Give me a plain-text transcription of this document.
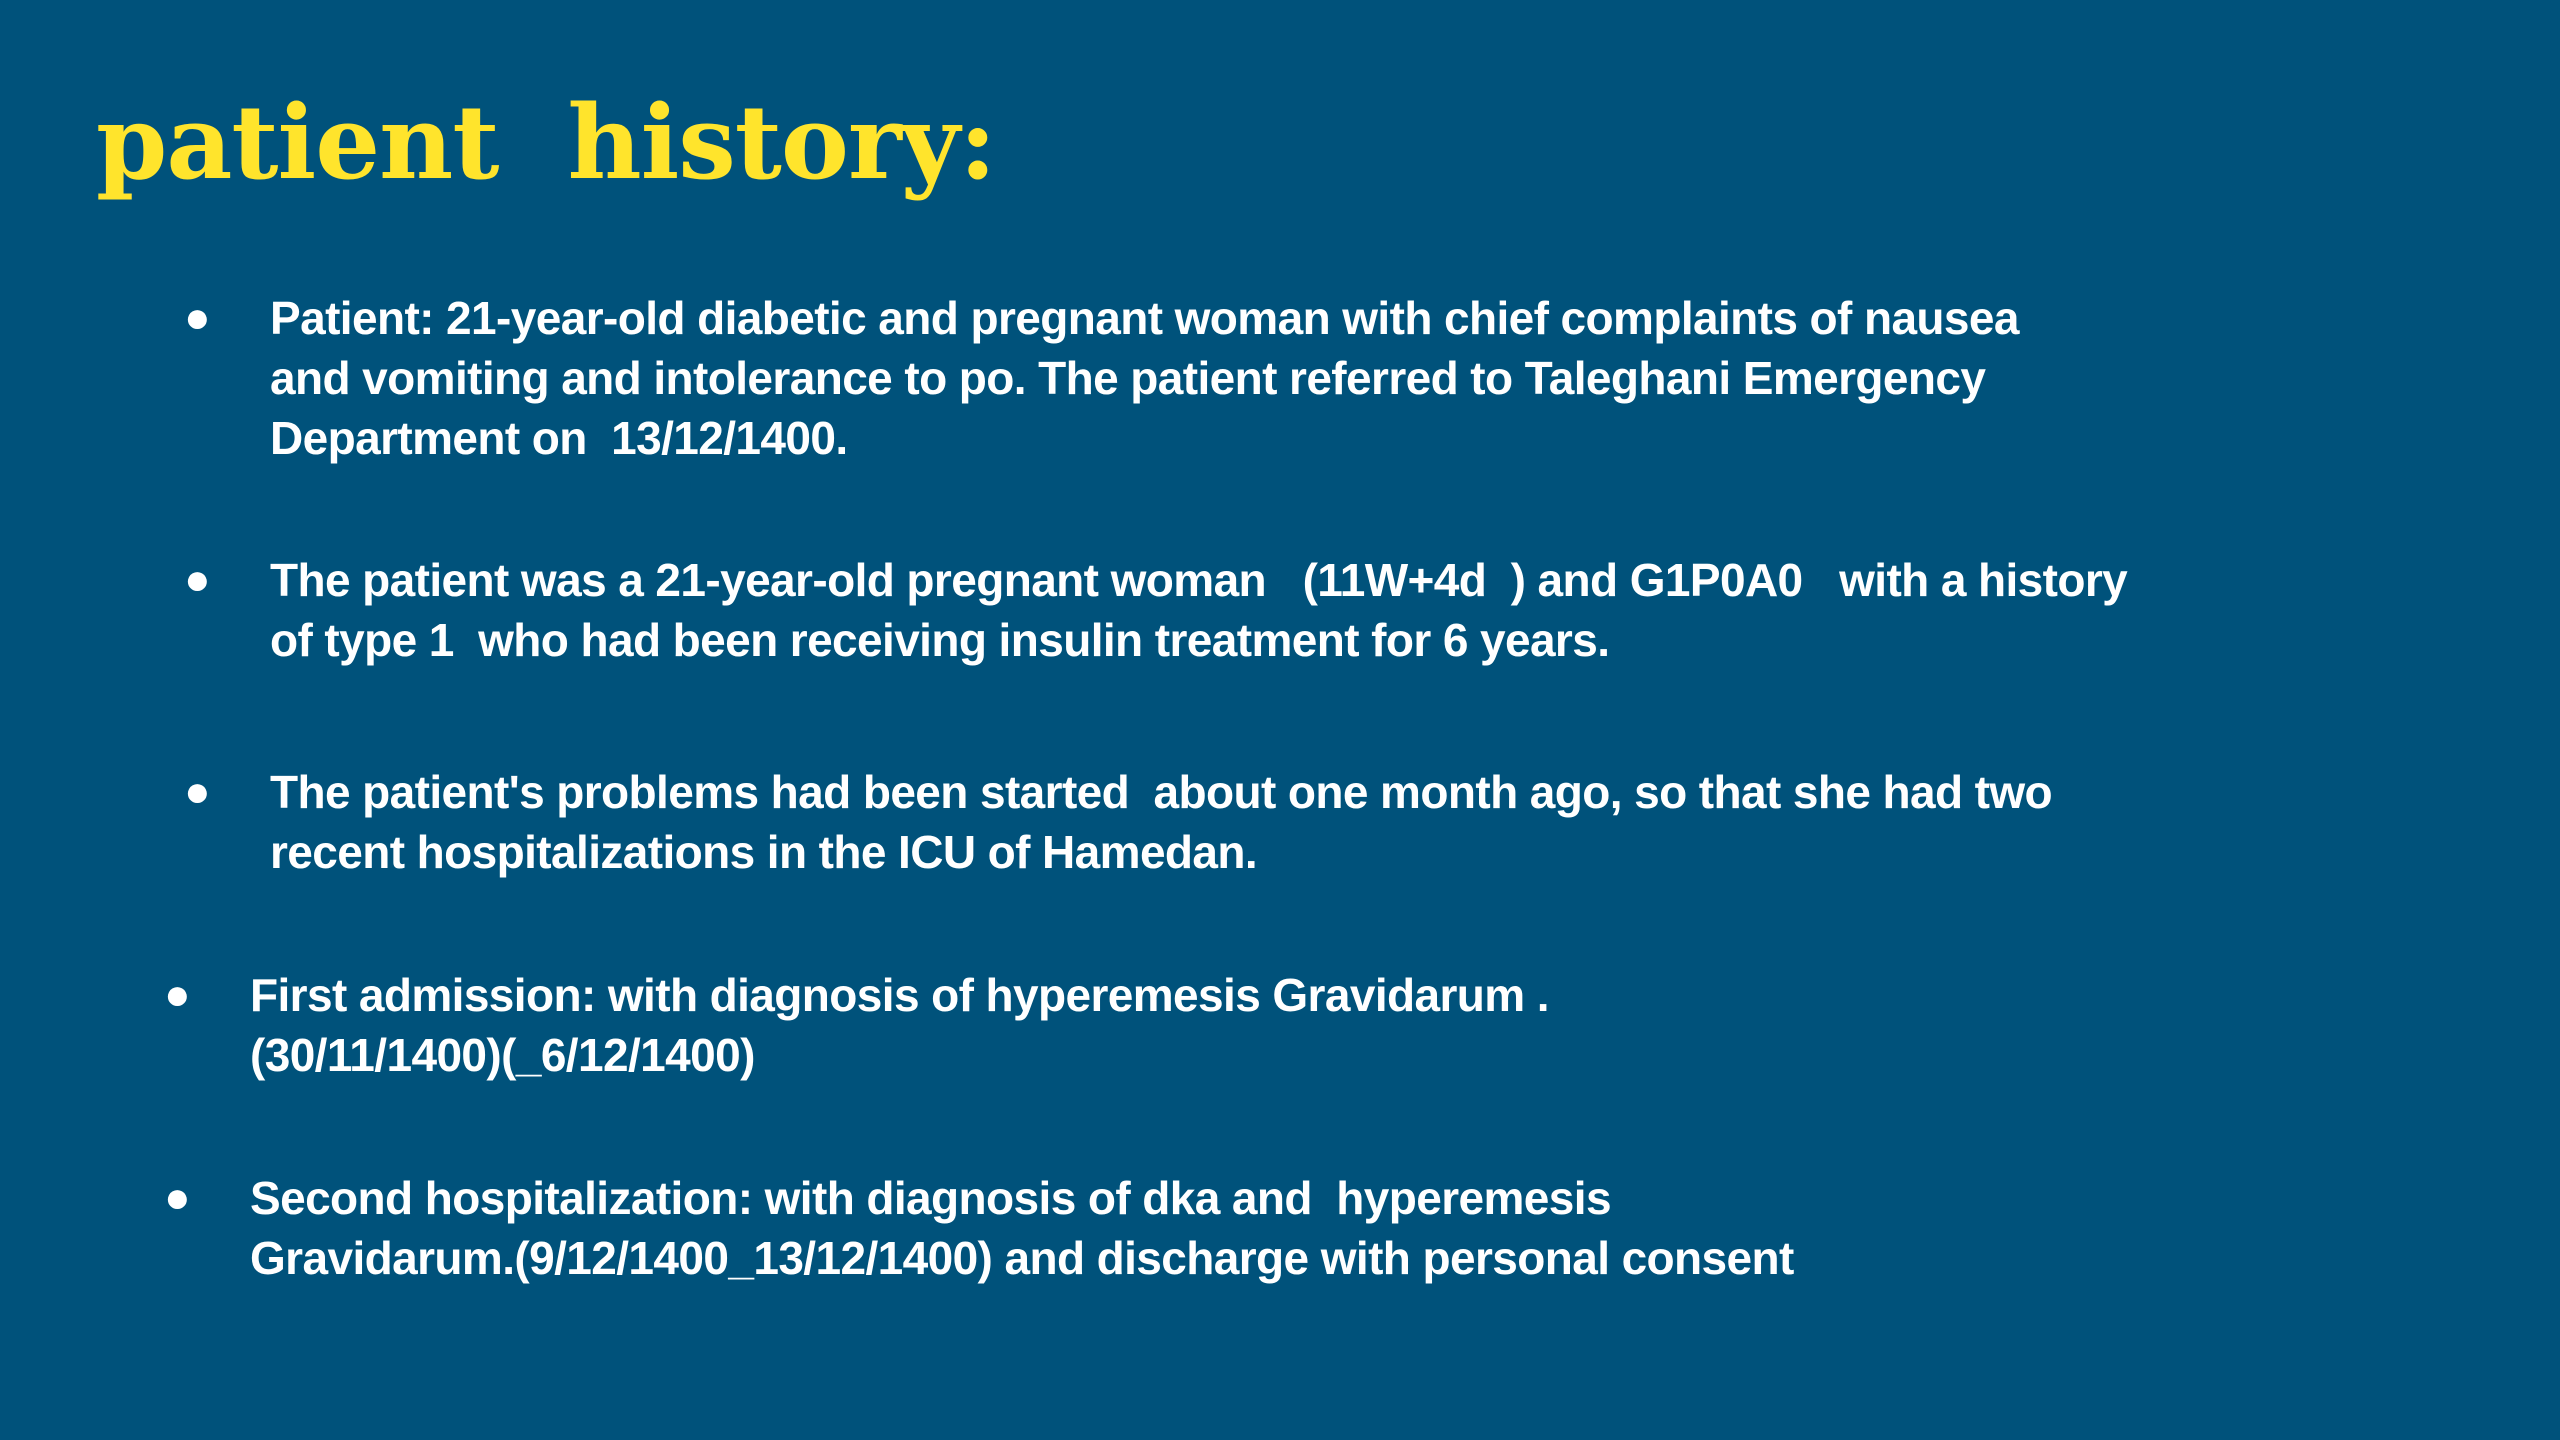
patient  history:
●	Patient: 21-year-old diabetic and pregnant woman with chief complaints of nausea
and vomiting and intolerance to po. The patient referred to Taleghani Emergency
Department on  13/12/1400.
●	The patient was a 21-year-old pregnant woman   (11W+4d  ) and G1P0A0   with a history
of type 1  who had been receiving insulin treatment for 6 years.
●	The patient's problems had been started  about one month ago, so that she had two
recent hospitalizations in the ICU of Hamedan.
●	First admission: with diagnosis of hyperemesis Gravidarum .
(30/11/1400)(_6/12/1400)
●	Second hospitalization: with diagnosis of dka and  hyperemesis
Gravidarum.(9/12/1400_13/12/1400) and discharge with personal consent
